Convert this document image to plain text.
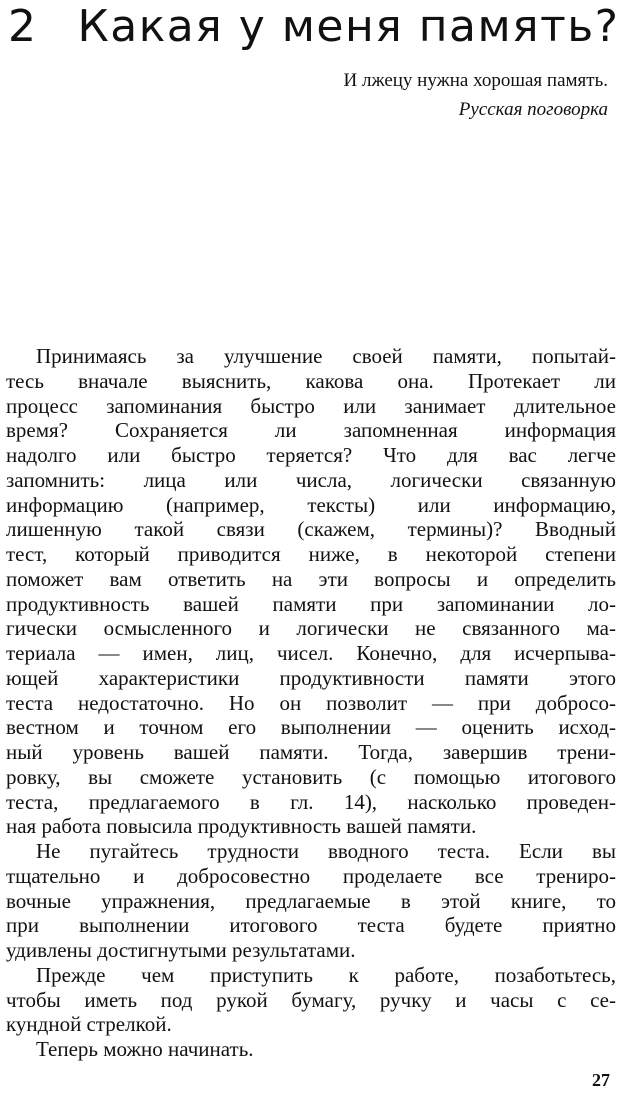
2 Какая у меня память?
И лжецу нужна хорошая память.
Русская поговорка
Принимаясь за улучшение своей памяти, попытай-
тесь вначале выяснить, какова она. Протекает ли
процесс запоминания быстро или занимает длительное
время? Сохраняется ли запомненная информация
надолго или быстро теряется? Что для вас легче
запомнить: лица или числа, логически связанную
информацию (например, тексты) или информацию,
лишенную такой связи (скажем, термины)? Вводный
тест, который приводится ниже, в некоторой степени
поможет вам ответить на эти вопросы и определить
продуктивность вашей памяти при запоминании ло-
гически осмысленного и логически не связанного ма-
териала — имен, лиц, чисел. Конечно, для исчерпыва-
ющей характеристики продуктивности памяти этого
теста недостаточно. Но он позволит — при добросо-
вестном и точном его выполнении — оценить исход-
ный уровень вашей памяти. Тогда, завершив трени-
ровку, вы сможете установить (с помощью итогового
теста, предлагаемого в гл. 14), насколько проведен-
ная работа повысила продуктивность вашей памяти.
Не пугайтесь трудности вводного теста. Если вы
тщательно и добросовестно проделаете все трениро-
вочные упражнения, предлагаемые в этой книге, то
при выполнении итогового теста будете приятно
удивлены достигнутыми результатами.
Прежде чем приступить к работе, позаботьтесь,
чтобы иметь под рукой бумагу, ручку и часы с се-
кундной стрелкой.
Теперь можно начинать.
27
